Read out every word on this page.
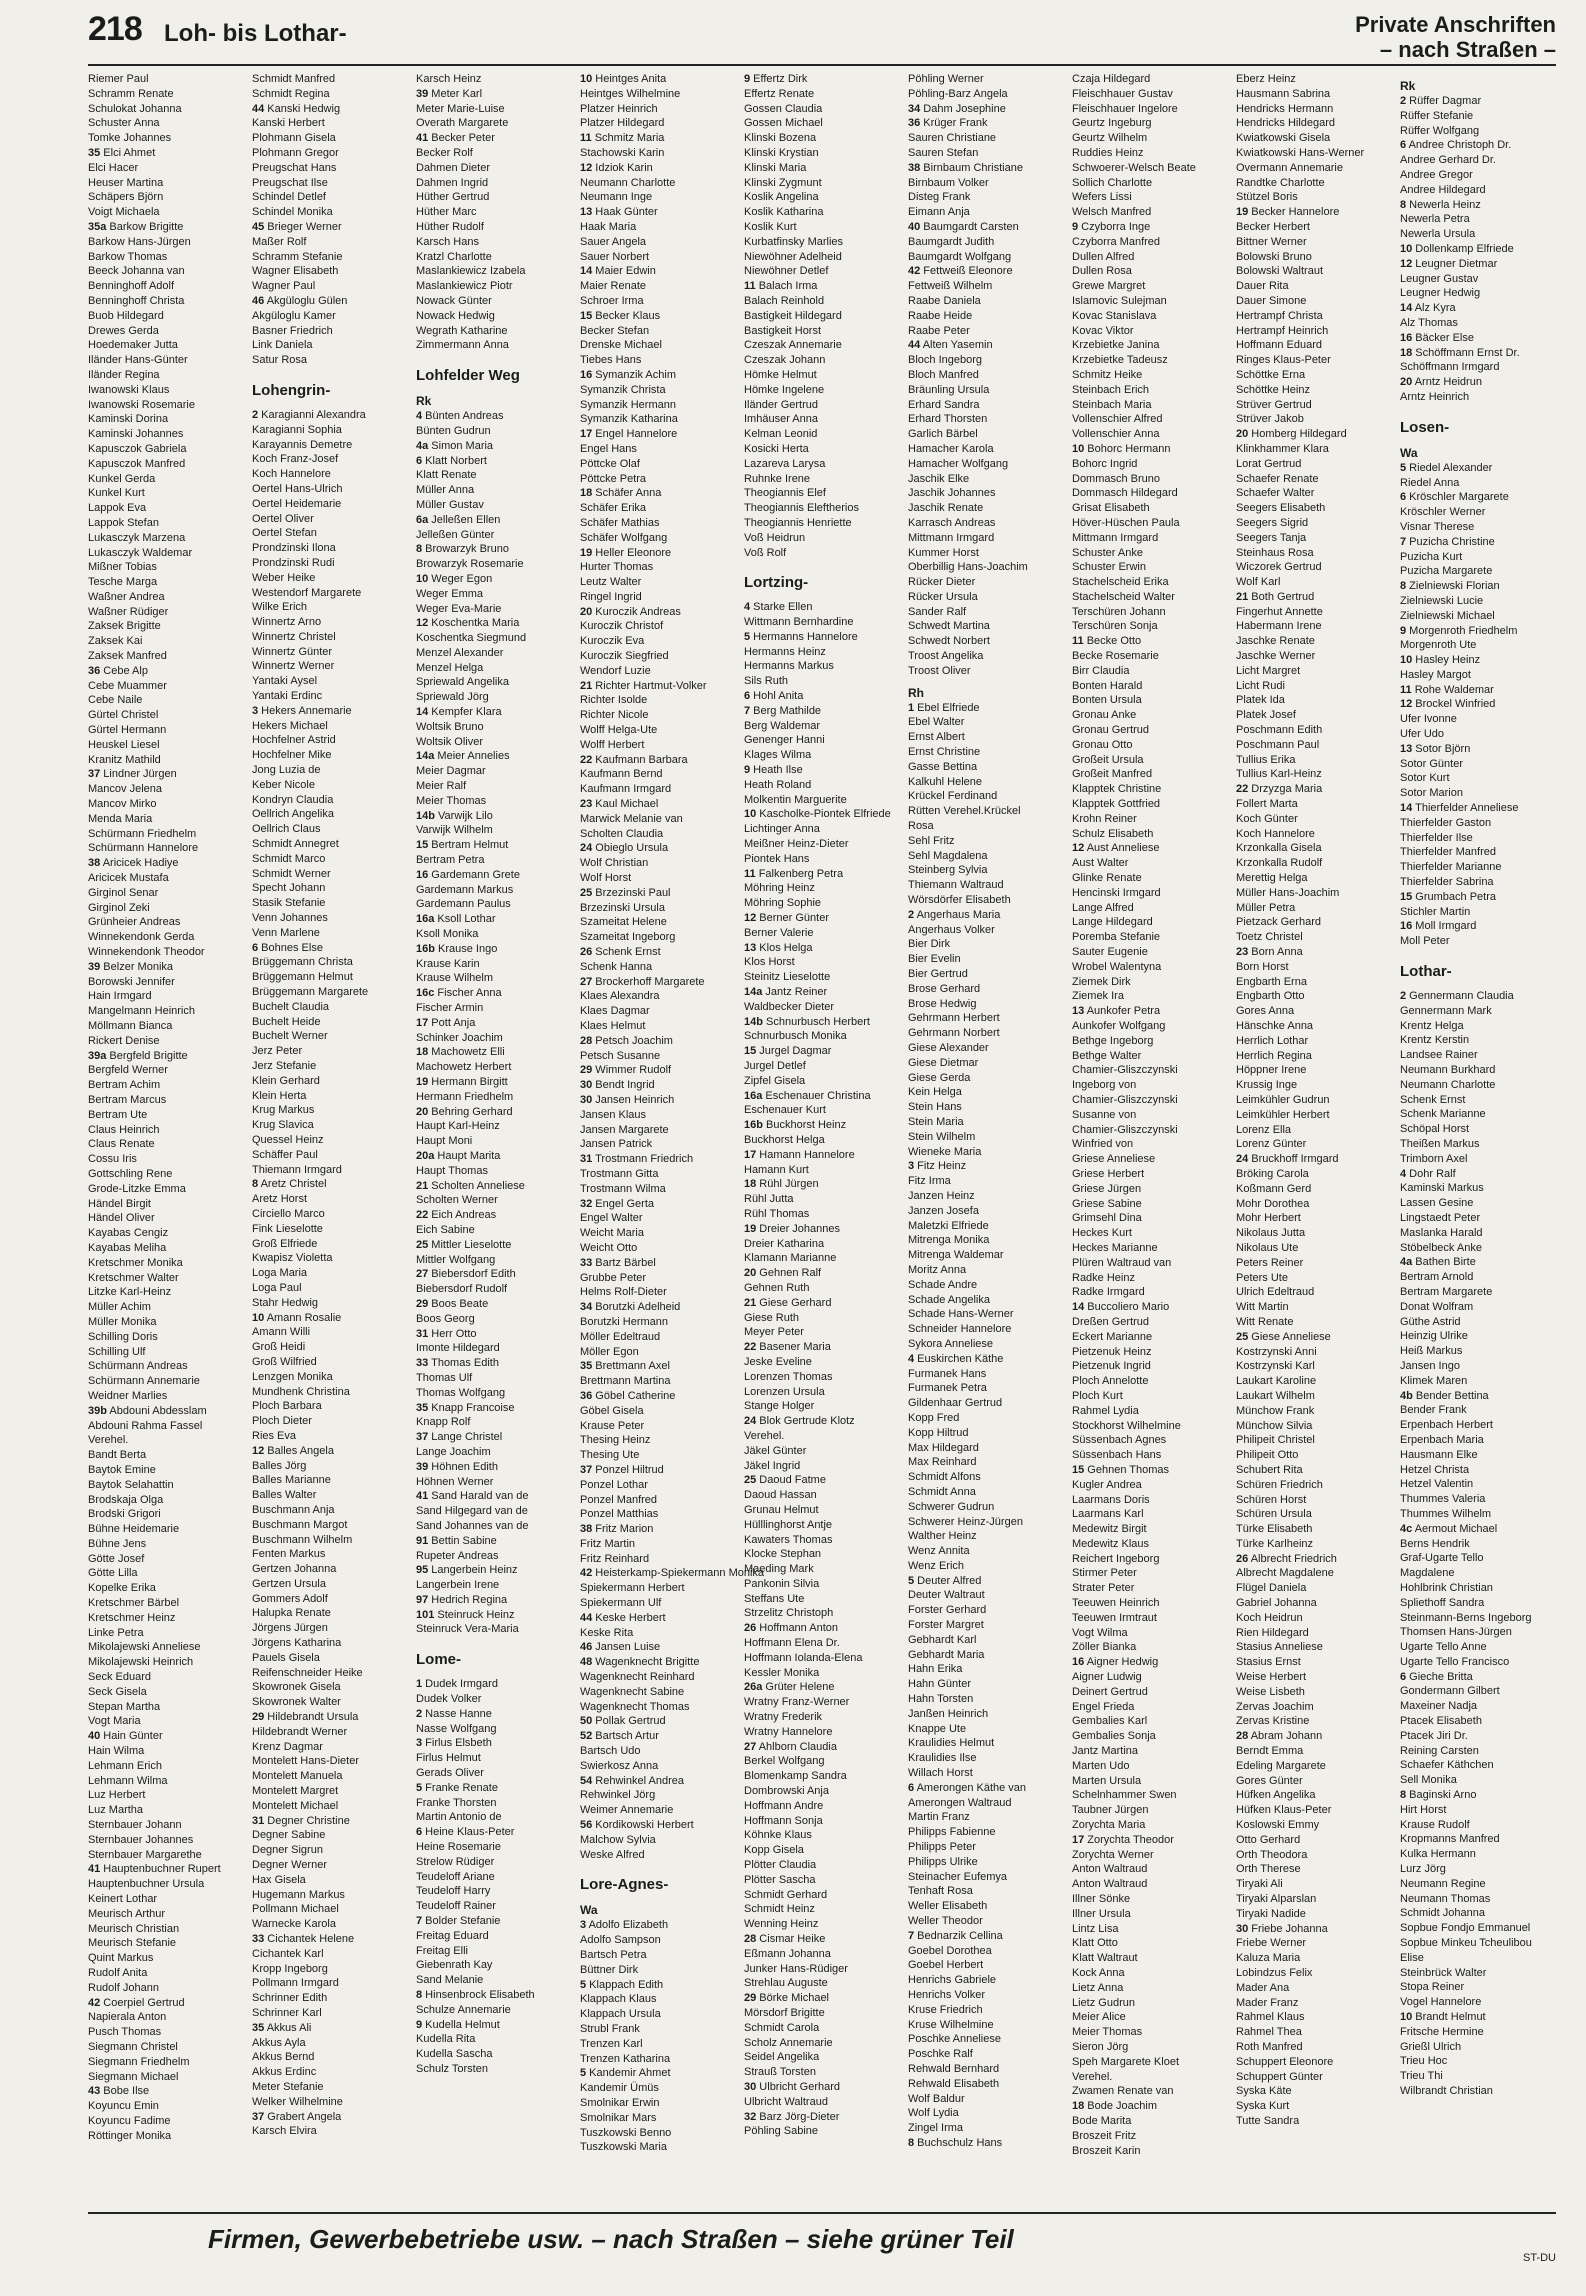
218 Loh- bis Lothar-	Private Anschriften
– nach Straßen –
Riemer Paul
Schramm Renate
Schulokat Johanna
Schuster Anna
Tomke Johannes
35 Elci Ahmet
Elci Hacer
Heuser Martina
Schäpers Björn
Voigt Michaela
35a Barkow Brigitte
Barkow Hans-Jürgen
Barkow Thomas
Beeck Johanna van
Benninghoff Adolf
Benninghoff Christa
Buob Hildegard
Drewes Gerda
Hoedemaker Jutta
Iländer Hans-Günter
Iländer Regina
Iwanowski Klaus
Iwanowski Rosemarie
Kaminski Dorina
Kaminski Johannes
Kapusczok Gabriela
Kapusczok Manfred
Kunkel Gerda
Kunkel Kurt
Lappok Eva
Lappok Stefan
Lukasczyk Marzena
Lukasczyk Waldemar
Mißner Tobias
Tesche Marga
Waßner Andrea
Waßner Rüdiger
Zaksek Brigitte
Zaksek Kai
Zaksek Manfred
36 Cebe Alp
Cebe Muammer
Cebe Naile
Gürtel Christel
Gürtel Hermann
Heuskel Liesel
Kranitz Mathild
37 Lindner Jürgen
Mancov Jelena
Mancov Mirko
Menda Maria
Schürmann Friedhelm
Schürmann Hannelore
38 Aricicek Hadiye
Aricicek Mustafa
Girginol Senar
Girginol Zeki
Grünheier Andreas
Winnekendonk Gerda
Winnekendonk Theodor
39 Belzer Monika
Borowski Jennifer
Hain Irmgard
Mangelmann Heinrich
Möllmann Bianca
Rickert Denise
39a Bergfeld Brigitte
Bergfeld Werner
Bertram Achim
Bertram Marcus
Bertram Ute
Claus Heinrich
Claus Renate
Cossu Iris
Gottschling Rene
Grode-Litzke Emma
Händel Birgit
Händel Oliver
Kayabas Cengiz
Kayabas Meliha
Kretschmer Monika
Kretschmer Walter
Litzke Karl-Heinz
Müller Achim
Müller Monika
Schilling Doris
Schilling Ulf
Schürmann Andreas
Schürmann Annemarie
Weidner Marlies
39b Abdouni Abdesslam
Abdouni Rahma Fassel
Verehel.
Bandt Berta
Baytok Emine
Baytok Selahattin
Brodskaja Olga
Brodski Grigori
Bühne Heidemarie
Bühne Jens
Götte Josef
Götte Lilla
Kopelke Erika
Kretschmer Bärbel
Kretschmer Heinz
Linke Petra
Mikolajewski Anneliese
Mikolajewski Heinrich
Seck Eduard
Seck Gisela
Stepan Martha
Vogt Maria
40 Hain Günter
Hain Wilma
Lehmann Erich
Lehmann Wilma
Luz Herbert
Luz Martha
Sternbauer Johann
Sternbauer Johannes
Sternbauer Margarethe
41 Hauptenbuchner Rupert
Hauptenbuchner Ursula
Keinert Lothar
Meurisch Arthur
Meurisch Christian
Meurisch Stefanie
Quint Markus
Rudolf Anita
Rudolf Johann
42 Coerpiel Gertrud
Napierala Anton
Pusch Thomas
Siegmann Christel
Siegmann Friedhelm
Siegmann Michael
43 Bobe Ilse
Koyuncu Emin
Koyuncu Fadime
Röttinger Monika
Schmidt Manfred
Schmidt Regina
44 Kanski Hedwig
Kanski Herbert
Plohmann Gisela
Plohmann Gregor
Preugschat Hans
Preugschat Ilse
Schindel Detlef
Schindel Monika
45 Brieger Werner
Maßer Rolf
Schramm Stefanie
Wagner Elisabeth
Wagner Paul
46 Akgüloglu Gülen
Akgüloglu Kamer
Basner Friedrich
Link Daniela
Satur Rosa
Lohengrin-
2 Karagianni Alexandra
Karagianni Sophia
Karayannis Demetre
Koch Franz-Josef
Koch Hannelore
Oertel Hans-Ulrich
Oertel Heidemarie
Oertel Oliver
Oertel Stefan
Prondzinski Ilona
Prondzinski Rudi
Weber Heike
Westendorf Margarete
Wilke Erich
Winnertz Arno
Winnertz Christel
Winnertz Günter
Winnertz Werner
Yantaki Aysel
Yantaki Erdinc
3 Hekers Annemarie
Hekers Michael
Hochfelner Astrid
Hochfelner Mike
Jong Luzia de
Keber Nicole
Kondryn Claudia
Oellrich Angelika
Oellrich Claus
Schmidt Annegret
Schmidt Marco
Schmidt Werner
Specht Johann
Stasik Stefanie
Venn Johannes
Venn Marlene
6 Bohnes Else
Brüggemann Christa
Brüggemann Helmut
Brüggemann Margarete
Buchelt Claudia
Buchelt Heide
Buchelt Werner
Jerz Peter
Jerz Stefanie
Klein Gerhard
Klein Herta
Krug Markus
Krug Slavica
Quessel Heinz
Schäffer Paul
Thiemann Irmgard
8 Aretz Christel
Aretz Horst
Circiello Marco
Fink Lieselotte
Groß Elfriede
Kwapisz Violetta
Loga Maria
Loga Paul
Stahr Hedwig
10 Amann Rosalie
Amann Willi
Groß Heidi
Groß Wilfried
Lenzgen Monika
Mundhenk Christina
Ploch Barbara
Ploch Dieter
Ries Eva
12 Balles Angela
Balles Jörg
Balles Marianne
Balles Walter
Buschmann Anja
Buschmann Margot
Buschmann Wilhelm
Fenten Markus
Gertzen Johanna
Gertzen Ursula
Gommers Adolf
Halupka Renate
Jörgens Jürgen
Jörgens Katharina
Pauels Gisela
Reifenschneider Heike
Skowronek Gisela
Skowronek Walter
29 Hildebrandt Ursula
Hildebrandt Werner
Krenz Dagmar
Montelett Hans-Dieter
Montelett Manuela
Montelett Margret
Montelett Michael
31 Degner Christine
Degner Sabine
Degner Sigrun
Degner Werner
Hax Gisela
Hugemann Markus
Pollmann Michael
Warnecke Karola
33 Cichantek Helene
Cichantek Karl
Kropp Ingeborg
Pollmann Irmgard
Schrinner Edith
Schrinner Karl
35 Akkus Ali
Akkus Ayla
Akkus Bernd
Akkus Erdinc
Meter Stefanie
Welker Wilhelmine
37 Grabert Angela
Karsch Elvira
Karsch Heinz
39 Meter Karl
Meter Marie-Luise
Overath Margarete
41 Becker Peter
Becker Rolf
Dahmen Dieter
Dahmen Ingrid
Hüther Gertrud
Hüther Marc
Hüther Rudolf
Karsch Hans
Kratzl Charlotte
Maslankiewicz Izabela
Maslankiewicz Piotr
Nowack Günter
Nowack Hedwig
Wegrath Katharine
Zimmermann Anna
Lohfelder Weg
Rk
4 Bünten Andreas
Bünten Gudrun
4a Simon Maria
6 Klatt Norbert
Klatt Renate
Müller Anna
Müller Gustav
6a Jelleßen Ellen
Jelleßen Günter
8 Browarzyk Bruno
Browarzyk Rosemarie
10 Weger Egon
Weger Emma
Weger Eva-Marie
12 Koschentka Maria
Koschentka Siegmund
Menzel Alexander
Menzel Helga
Spriewald Angelika
Spriewald Jörg
14 Kempfer Klara
Woltsik Bruno
Woltsik Oliver
14a Meier Annelies
Meier Dagmar
Meier Ralf
Meier Thomas
14b Varwijk Lilo
Varwijk Wilhelm
15 Bertram Helmut
Bertram Petra
16 Gardemann Grete
Gardemann Markus
Gardemann Paulus
16a Ksoll Lothar
Ksoll Monika
16b Krause Ingo
Krause Karin
Krause Wilhelm
16c Fischer Anna
Fischer Armin
17 Pott Anja
Schinker Joachim
18 Machowetz Elli
Machowetz Herbert
19 Hermann Birgitt
Hermann Friedhelm
20 Behring Gerhard
Haupt Karl-Heinz
Haupt Moni
20a Haupt Marita
Haupt Thomas
21 Scholten Anneliese
Scholten Werner
22 Eich Andreas
Eich Sabine
25 Mittler Lieselotte
Mittler Wolfgang
27 Biebersdorf Edith
Biebersdorf Rudolf
29 Boos Beate
Boos Georg
31 Herr Otto
Imonte Hildegard
33 Thomas Edith
Thomas Ulf
Thomas Wolfgang
35 Knapp Francoise
Knapp Rolf
37 Lange Christel
Lange Joachim
39 Höhnen Edith
Höhnen Werner
41 Sand Harald van de
Sand Hilgegard van de
Sand Johannes van de
91 Bettin Sabine
Rupeter Andreas
95 Langerbein Heinz
Langerbein Irene
97 Hedrich Regina
101 Steinruck Heinz
Steinruck Vera-Maria
Lome-
1 Dudek Irmgard
Dudek Volker
2 Nasse Hanne
Nasse Wolfgang
3 Firlus Elsbeth
Firlus Helmut
Gerads Oliver
5 Franke Renate
Franke Thorsten
Martin Antonio de
6 Heine Klaus-Peter
Heine Rosemarie
Strelow Rüdiger
Teudeloff Ariane
Teudeloff Harry
Teudeloff Rainer
7 Bolder Stefanie
Freitag Eduard
Freitag Elli
Giebenrath Kay
Sand Melanie
8 Hinsenbrock Elisabeth
Schulze Annemarie
9 Kudella Helmut
Kudella Rita
Kudella Sascha
Schulz Torsten
10 Heintges Anita
Heintges Wilhelmine
Platzer Heinrich
Platzer Hildegard
11 Schmitz Maria
Stachowski Karin
12 Idziok Karin
Neumann Charlotte
Neumann Inge
13 Haak Günter
Haak Maria
Sauer Angela
Sauer Norbert
14 Maier Edwin
Maier Renate
Schroer Irma
15 Becker Klaus
Becker Stefan
Drenske Michael
Tiebes Hans
16 Symanzik Achim
Symanzik Christa
Symanzik Hermann
Symanzik Katharina
17 Engel Hannelore
Engel Hans
Pöttcke Olaf
Pöttcke Petra
18 Schäfer Anna
Schäfer Erika
Schäfer Mathias
Schäfer Wolfgang
19 Heller Eleonore
Hurter Thomas
Leutz Walter
Ringel Ingrid
20 Kuroczik Andreas
Kuroczik Christof
Kuroczik Eva
Kuroczik Siegfried
Wendorf Luzie
21 Richter Hartmut-Volker
Richter Isolde
Richter Nicole
Wolff Helga-Ute
Wolff Herbert
22 Kaufmann Barbara
Kaufmann Bernd
Kaufmann Irmgard
23 Kaul Michael
Marwick Melanie van
Scholten Claudia
24 Obieglo Ursula
Wolf Christian
Wolf Horst
25 Brzezinski Paul
Brzezinski Ursula
Szameitat Helene
Szameitat Ingeborg
26 Schenk Ernst
Schenk Hanna
27 Brockerhoff Margarete
Klaes Alexandra
Klaes Dagmar
Klaes Helmut
28 Petsch Joachim
Petsch Susanne
29 Wimmer Rudolf
30 Bendt Ingrid
30 Jansen Heinrich
Jansen Klaus
Jansen Margarete
Jansen Patrick
31 Trostmann Friedrich
Trostmann Gitta
Trostmann Wilma
32 Engel Gerta
Engel Walter
Weicht Maria
Weicht Otto
33 Bartz Bärbel
Grubbe Peter
Helms Rolf-Dieter
34 Borutzki Adelheid
Borutzki Hermann
Möller Edeltraud
Möller Egon
35 Brettmann Axel
Brettmann Martina
36 Göbel Catherine
Göbel Gisela
Krause Peter
Thesing Heinz
Thesing Ute
37 Ponzel Hiltrud
Ponzel Lothar
Ponzel Manfred
Ponzel Matthias
38 Fritz Marion
Fritz Martin
Fritz Reinhard
42 Heisterkamp-Spiekermann Monika
Spiekermann Herbert
Spiekermann Ulf
44 Keske Herbert
Keske Rita
46 Jansen Luise
48 Wagenknecht Brigitte
Wagenknecht Reinhard
Wagenknecht Sabine
Wagenknecht Thomas
50 Pollak Gertrud
52 Bartsch Artur
Bartsch Udo
Swierkosz Anna
54 Rehwinkel Andrea
Rehwinkel Jörg
Weimer Annemarie
56 Kordikowski Herbert
Malchow Sylvia
Weske Alfred
Lore-Agnes-
Wa
3 Adolfo Elizabeth
Adolfo Sampson
Bartsch Petra
Büttner Dirk
5 Klappach Edith
Klappach Klaus
Klappach Ursula
Strubl Frank
Trenzen Karl
Trenzen Katharina
5 Kandemir Ahmet
Kandemir Ümüs
Smolnikar Erwin
Smolnikar Mars
Tuszkowski Benno
Tuszkowski Maria
9 Effertz Dirk
Effertz Renate
Gossen Claudia
Gossen Michael
Klinski Bozena
Klinski Krystian
Klinski Maria
Klinski Zygmunt
Koslik Angelina
Koslik Katharina
Koslik Kurt
Kurbatfinsky Marlies
Niewöhner Adelheid
Niewöhner Detlef
11 Balach Irma
Balach Reinhold
Bastigkeit Hildegard
Bastigkeit Horst
Czeszak Annemarie
Czeszak Johann
Hömke Helmut
Hömke Ingelene
Iländer Gertrud
Imhäuser Anna
Kelman Leonid
Kosicki Herta
Lazareva Larysa
Ruhnke Irene
Theogiannis Elef
Theogiannis Eleftherios
Theogiannis Henriette
Voß Heidrun
Voß Rolf
Lortzing-
4 Starke Ellen
Wittmann Bernhardine
5 Hermanns Hannelore
Hermanns Heinz
Hermanns Markus
Sils Ruth
6 Hohl Anita
7 Berg Mathilde
Berg Waldemar
Genenger Hanni
Klages Wilma
9 Heath Ilse
Heath Roland
Molkentin Marguerite
10 Kascholke-Piontek Elfriede
Lichtinger Anna
Meißner Heinz-Dieter
Piontek Hans
11 Falkenberg Petra
Möhring Heinz
Möhring Sophie
12 Berner Günter
Berner Valerie
13 Klos Helga
Klos Horst
Steinitz Lieselotte
14a Jantz Reiner
Waldbecker Dieter
14b Schnurbusch Herbert
Schnurbusch Monika
15 Jurgel Dagmar
Jurgel Detlef
Zipfel Gisela
16a Eschenauer Christina
Eschenauer Kurt
16b Buckhorst Heinz
Buckhorst Helga
17 Hamann Hannelore
Hamann Kurt
18 Rühl Jürgen
Rühl Jutta
Rühl Thomas
19 Dreier Johannes
Dreier Katharina
Klamann Marianne
20 Gehnen Ralf
Gehnen Ruth
21 Giese Gerhard
Giese Ruth
Meyer Peter
22 Basener Maria
Jeske Eveline
Lorenzen Thomas
Lorenzen Ursula
Stange Holger
24 Blok Gertrude Klotz
Verehel.
Jäkel Günter
Jäkel Ingrid
25 Daoud Fatme
Daoud Hassan
Grunau Helmut
Hülllinghorst Antje
Kawaters Thomas
Klocke Stephan
Maeding Mark
Pankonin Silvia
Steffans Ute
Strzelitz Christoph
26 Hoffmann Anton
Hoffmann Elena Dr.
Hoffmann Iolanda-Elena
Kessler Monika
26a Grüter Helene
Wratny Franz-Werner
Wratny Frederik
Wratny Hannelore
27 Ahlborn Claudia
Berkel Wolfgang
Blomenkamp Sandra
Dombrowski Anja
Hoffmann Andre
Hoffmann Sonja
Köhnke Klaus
Kopp Gisela
Plötter Claudia
Plötter Sascha
Schmidt Gerhard
Schmidt Heinz
Wenning Heinz
28 Cismar Heike
Eßmann Johanna
Junker Hans-Rüdiger
Strehlau Auguste
29 Börke Michael
Mörsdorf Brigitte
Schmidt Carola
Scholz Annemarie
Seidel Angelika
Strauß Torsten
30 Ulbricht Gerhard
Ulbricht Waltraud
32 Barz Jörg-Dieter
Pöhling Sabine
Pöhling Werner
Pöhling-Barz Angela
34 Dahm Josephine
36 Krüger Frank
Sauren Christiane
Sauren Stefan
38 Birnbaum Christiane
Birnbaum Volker
Disteg Frank
Eimann Anja
40 Baumgardt Carsten
Baumgardt Judith
Baumgardt Wolfgang
42 Fettweiß Eleonore
Fettweiß Wilhelm
Raabe Daniela
Raabe Heide
Raabe Peter
44 Alten Yasemin
Bloch Ingeborg
Bloch Manfred
Bräunling Ursula
Erhard Sandra
Erhard Thorsten
Garlich Bärbel
Hamacher Karola
Hamacher Wolfgang
Jaschik Elke
Jaschik Johannes
Jaschik Renate
Karrasch Andreas
Mittmann Irmgard
Kummer Horst
Oberbillig Hans-Joachim
Rücker Dieter
Rücker Ursula
Sander Ralf
Schwedt Martina
Schwedt Norbert
Troost Angelika
Troost Oliver
Rh
1 Ebel Elfriede
Ebel Walter
Ernst Albert
Ernst Christine
Gasse Bettina
Kalkuhl Helene
Krückel Ferdinand
Rütten Verehel.Krückel
Rosa
Sehl Fritz
Sehl Magdalena
Steinberg Sylvia
Thiemann Waltraud
Wörsdörfer Elisabeth
2 Angerhaus Maria
Angerhaus Volker
Bier Dirk
Bier Evelin
Bier Gertrud
Brose Gerhard
Brose Hedwig
Gehrmann Herbert
Gehrmann Norbert
Giese Alexander
Giese Dietmar
Giese Gerda
Kein Helga
Stein Hans
Stein Maria
Stein Wilhelm
Wieneke Maria
3 Fitz Heinz
Fitz Irma
Janzen Heinz
Janzen Josefa
Maletzki Elfriede
Mitrenga Monika
Mitrenga Waldemar
Moritz Anna
Schade Andre
Schade Angelika
Schade Hans-Werner
Schneider Hannelore
Sykora Anneliese
4 Euskirchen Käthe
Furmanek Hans
Furmanek Petra
Gildenhaar Gertrud
Kopp Fred
Kopp Hiltrud
Max Hildegard
Max Reinhard
Schmidt Alfons
Schmidt Anna
Schwerer Gudrun
Schwerer Heinz-Jürgen
Walther Heinz
Wenz Annita
Wenz Erich
5 Deuter Alfred
Deuter Waltraut
Forster Gerhard
Forster Margret
Gebhardt Karl
Gebhardt Maria
Hahn Erika
Hahn Günter
Hahn Torsten
Janßen Heinrich
Knappe Ute
Kraulidies Helmut
Kraulidies Ilse
Willach Horst
6 Amerongen Käthe van
Amerongen Waltraud
Martin Franz
Philipps Fabienne
Philipps Peter
Philipps Ulrike
Steinacher Eufemya
Tenhaft Rosa
Weller Elisabeth
Weller Theodor
7 Bednarzik Cellina
Goebel Dorothea
Goebel Herbert
Henrichs Gabriele
Henrichs Volker
Kruse Friedrich
Kruse Wilhelmine
Poschke Anneliese
Poschke Ralf
Rehwald Bernhard
Rehwald Elisabeth
Wolf Baldur
Wolf Lydia
Zingel Irma
8 Buchschulz Hans
Czaja Hildegard
Fleischhauer Gustav
Fleischhauer Ingelore
Geurtz Ingeburg
Geurtz Wilhelm
Ruddies Heinz
Schwoerer-Welsch Beate
Sollich Charlotte
Wefers Lissi
Welsch Manfred
9 Czyborra Inge
Czyborra Manfred
Dullen Alfred
Dullen Rosa
Grewe Margret
Islamovic Sulejman
Kovac Stanislava
Kovac Viktor
Krzebietke Janina
Krzebietke Tadeusz
Schmitz Heike
Steinbach Erich
Steinbach Maria
Vollenschier Alfred
Vollenschier Anna
10 Bohorc Hermann
Bohorc Ingrid
Dommasch Bruno
Dommasch Hildegard
Grisat Elisabeth
Höver-Hüschen Paula
Mittmann Irmgard
Schuster Anke
Schuster Erwin
Stachelscheid Erika
Stachelscheid Walter
Terschüren Johann
Terschüren Sonja
11 Becke Otto
Becke Rosemarie
Birr Claudia
Bonten Harald
Bonten Ursula
Gronau Anke
Gronau Gertrud
Gronau Otto
Großeit Ursula
Großeit Manfred
Klapptek Christine
Klapptek Gottfried
Krohn Reiner
Schulz Elisabeth
12 Aust Anneliese
Aust Walter
Glinke Renate
Hencinski Irmgard
Lange Alfred
Lange Hildegard
Poremba Stefanie
Sauter Eugenie
Wrobel Walentyna
Ziemek Dirk
Ziemek Ira
13 Aunkofer Petra
Aunkofer Wolfgang
Bethge Ingeborg
Bethge Walter
Chamier-Gliszczynski
Ingeborg von
Chamier-Gliszczynski
Susanne von
Chamier-Gliszczynski
Winfried von
Griese Anneliese
Griese Herbert
Griese Jürgen
Griese Sabine
Grimsehl Dina
Heckes Kurt
Heckes Marianne
Plüren Waltraud van
Radke Heinz
Radke Irmgard
14 Buccoliero Mario
Dreßen Gertrud
Eckert Marianne
Pietzenuk Heinz
Pietzenuk Ingrid
Ploch Annelotte
Ploch Kurt
Rahmel Lydia
Stockhorst Wilhelmine
Süssenbach Agnes
Süssenbach Hans
15 Gehnen Thomas
Kugler Andrea
Laarmans Doris
Laarmans Karl
Medewitz Birgit
Medewitz Klaus
Reichert Ingeborg
Stirmer Peter
Strater Peter
Teeuwen Heinrich
Teeuwen Irmtraut
Vogt Wilma
Zöller Bianka
16 Aigner Hedwig
Aigner Ludwig
Deinert Gertrud
Engel Frieda
Gembalies Karl
Gembalies Sonja
Jantz Martina
Marten Udo
Marten Ursula
Schelnhammer Swen
Taubner Jürgen
Zorychta Maria
17 Zorychta Theodor
Zorychta Werner
Anton Waltraud
Anton Waltraud
Illner Sönke
Illner Ursula
Lintz Lisa
Klatt Otto
Klatt Waltraut
Kock Anna
Lietz Anna
Lietz Gudrun
Meier Alice
Meier Thomas
Sieron Jörg
Speh Margarete Kloet
Verehel.
Zwamen Renate van
18 Bode Joachim
Bode Marita
Broszeit Fritz
Broszeit Karin
Eberz Heinz
Hausmann Sabrina
Hendricks Hermann
Hendricks Hildegard
Kwiatkowski Gisela
Kwiatkowski Hans-Werner
Overmann Annemarie
Randtke Charlotte
Stützel Boris
19 Becker Hannelore
Becker Herbert
Bittner Werner
Bolowski Bruno
Bolowski Waltraut
Dauer Rita
Dauer Simone
Hertrampf Christa
Hertrampf Heinrich
Hoffmann Eduard
Ringes Klaus-Peter
Schöttke Erna
Schöttke Heinz
Strüver Gertrud
Strüver Jakob
20 Homberg Hildegard
Klinkhammer Klara
Lorat Gertrud
Schaefer Renate
Schaefer Walter
Seegers Elisabeth
Seegers Sigrid
Seegers Tanja
Steinhaus Rosa
Wiczorek Gertrud
Wolf Karl
21 Both Gertrud
Fingerhut Annette
Habermann Irene
Jaschke Renate
Jaschke Werner
Licht Margret
Licht Rudi
Platek Ida
Platek Josef
Poschmann Edith
Poschmann Paul
Tullius Erika
Tullius Karl-Heinz
22 Drzyzga Maria
Follert Marta
Koch Günter
Koch Hannelore
Krzonkalla Gisela
Krzonkalla Rudolf
Merettig Helga
Müller Hans-Joachim
Müller Petra
Pietzack Gerhard
Toetz Christel
23 Born Anna
Born Horst
Engbarth Erna
Engbarth Otto
Gores Anna
Hänschke Anna
Herrlich Lothar
Herrlich Regina
Höppner Irene
Krussig Inge
Leimkühler Gudrun
Leimkühler Herbert
Lorenz Ella
Lorenz Günter
24 Bruckhoff Irmgard
Bröking Carola
Koßmann Gerd
Mohr Dorothea
Mohr Herbert
Nikolaus Jutta
Nikolaus Ute
Peters Reiner
Peters Ute
Ulrich Edeltraud
Witt Martin
Witt Renate
25 Giese Anneliese
Kostrzynski Anni
Kostrzynski Karl
Laukart Karoline
Laukart Wilhelm
Münchow Frank
Münchow Silvia
Philipeit Christel
Philipeit Otto
Schubert Rita
Schüren Friedrich
Schüren Horst
Schüren Ursula
Türke Elisabeth
Türke Karlheinz
26 Albrecht Friedrich
Albrecht Magdalene
Flügel Daniela
Gabriel Johanna
Koch Heidrun
Rien Hildegard
Stasius Anneliese
Stasius Ernst
Weise Herbert
Weise Lisbeth
Zervas Joachim
Zervas Kristine
28 Abram Johann
Berndt Emma
Edeling Margarete
Gores Günter
Hüfken Angelika
Hüfken Klaus-Peter
Koslowski Emmy
Otto Gerhard
Orth Theodora
Orth Therese
Tiryaki Ali
Tiryaki Alparslan
Tiryaki Nadide
30 Friebe Johanna
Friebe Werner
Kaluza Maria
Lobindzus Felix
Mader Ana
Mader Franz
Rahmel Klaus
Rahmel Thea
Roth Manfred
Schuppert Eleonore
Schuppert Günter
Syska Käte
Syska Kurt
Tutte Sandra
Rk
2 Rüffer Dagmar
Rüffer Stefanie
Rüffer Wolfgang
6 Andree Christoph Dr.
Andree Gerhard Dr.
Andree Gregor
Andree Hildegard
8 Newerla Heinz
Newerla Petra
Newerla Ursula
10 Dollenkamp Elfriede
12 Leugner Dietmar
Leugner Gustav
Leugner Hedwig
14 Alz Kyra
Alz Thomas
16 Bäcker Else
18 Schöffmann Ernst Dr.
Schöffmann Irmgard
20 Arntz Heidrun
Arntz Heinrich
Losen-
Wa
5 Riedel Alexander
Riedel Anna
6 Kröschler Margarete
Kröschler Werner
Visnar Therese
7 Puzicha Christine
Puzicha Kurt
Puzicha Margarete
8 Zielniewski Florian
Zielniewski Lucie
Zielniewski Michael
9 Morgenroth Friedhelm
Morgenroth Ute
10 Hasley Heinz
Hasley Margot
11 Rohe Waldemar
12 Brockel Winfried
Ufer Ivonne
Ufer Udo
13 Sotor Björn
Sotor Günter
Sotor Kurt
Sotor Marion
14 Thierfelder Anneliese
Thierfelder Gaston
Thierfelder Ilse
Thierfelder Manfred
Thierfelder Marianne
Thierfelder Sabrina
15 Grumbach Petra
Stichler Martin
16 Moll Irmgard
Moll Peter
Lothar-
2 Gennermann Claudia
Gennermann Mark
Krentz Helga
Krentz Kerstin
Landsee Rainer
Neumann Burkhard
Neumann Charlotte
Schenk Ernst
Schenk Marianne
Schöpal Horst
Theißen Markus
Trimborn Axel
4 Dohr Ralf
Kaminski Markus
Lassen Gesine
Lingstaedt Peter
Maslanka Harald
Stöbelbeck Anke
4a Bathen Birte
Bertram Arnold
Bertram Margarete
Donat Wolfram
Güthe Astrid
Heinzig Ulrike
Heiß Markus
Jansen Ingo
Klimek Maren
4b Bender Bettina
Bender Frank
Erpenbach Herbert
Erpenbach Maria
Hausmann Elke
Hetzel Christa
Hetzel Valentin
Thummes Valeria
Thummes Wilhelm
4c Aermout Michael
Berns Hendrik
Graf-Ugarte Tello
Magdalene
Hohlbrink Christian
Spliethoff Sandra
Steinmann-Berns Ingeborg
Thomsen Hans-Jürgen
Ugarte Tello Anne
Ugarte Tello Francisco
6 Gieche Britta
Gondermann Gilbert
Maxeiner Nadja
Ptacek Elisabeth
Ptacek Jiri Dr.
Reining Carsten
Schaefer Käthchen
Sell Monika
8 Baginski Arno
Hirt Horst
Krause Rudolf
Kropmanns Manfred
Kulka Hermann
Lurz Jörg
Neumann Regine
Neumann Thomas
Schmidt Johanna
Sopbue Fondjo Emmanuel
Sopbue Minkeu Tcheulibou
Elise
Steinbrück Walter
Stopa Reiner
Vogel Hannelore
10 Brandt Helmut
Fritsche Hermine
Grießl Ulrich
Trieu Hoc
Trieu Thi
Wilbrandt Christian
Firmen, Gewerbebetriebe usw. – nach Straßen – siehe grüner Teil
ST-DU
